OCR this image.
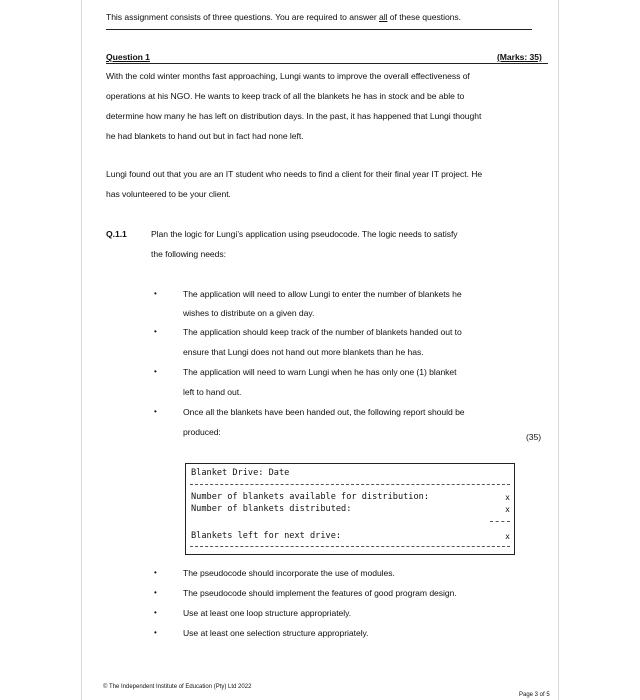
This assignment consists of three questions. You are required to answer all of these questions.
Question 1	(Marks: 35)
With the cold winter months fast approaching, Lungi wants to improve the overall effectiveness of
operations at his NGO. He wants to keep track of all the blankets he has in stock and be able to
determine how many he has left on distribution days. In the past, it has happened that Lungi thought
he had blankets to hand out but in fact had none left.
Lungi found out that you are an IT student who needs to find a client for their final year IT project. He
has volunteered to be your client.
Q.1.1	Plan the logic for Lungi’s application using pseudocode. The logic needs to satisfy
the following needs:
•	The application will need to allow Lungi to enter the number of blankets he
wishes to distribute on a given day.
•	The application should keep track of the number of blankets handed out to
ensure that Lungi does not hand out more blankets than he has.
•	The application will need to warn Lungi when he has only one (1) blanket
left to hand out.
•	Once all the blankets have been handed out, the following report should be
produced:	(35)
Blanket Drive: Date
Number of blankets available for distribution:	x
Number of blankets distributed:	x
Blankets left for next drive:	x
•	The pseudocode should incorporate the use of modules.
•	The pseudocode should implement the features of good program design.
•	Use at least one loop structure appropriately.
•	Use at least one selection structure appropriately.
© The Independent Institute of Education (Pty) Ltd 2022
Page 3 of 5
